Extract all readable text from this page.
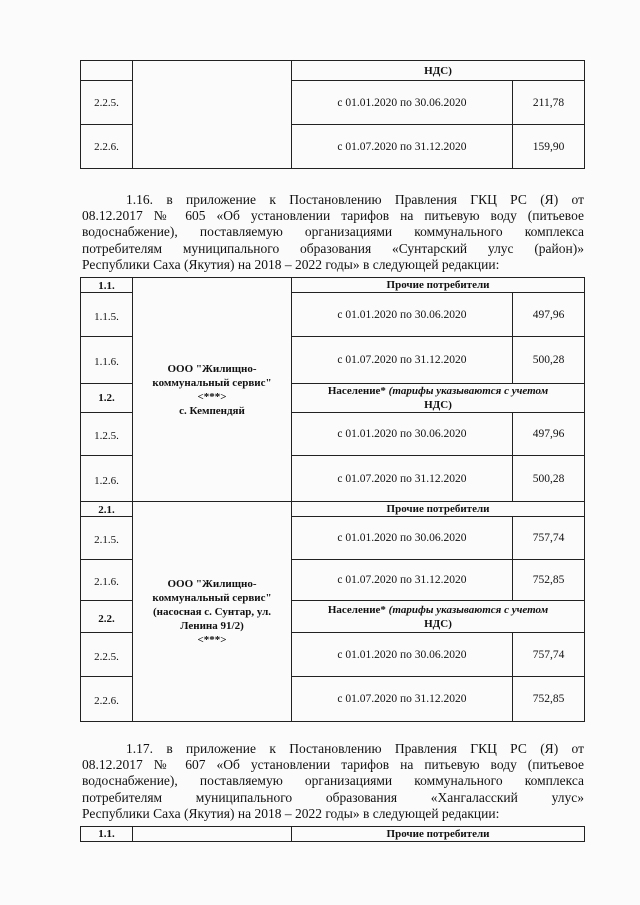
		НДС)	
2.2.5.		с 01.01.2020 по 30.06.2020	211,78
2.2.6.		с 01.07.2020 по 31.12.2020	159,90
1.16. в приложение к Постановлению Правления ГКЦ РС (Я) от
08.12.2017 № 605 «Об установлении тарифов на питьевую воду (питьевое
водоснабжение), поставляемую организациями коммунального комплекса
потребителям муниципального образования «Сунтарский улус (район)»
Республики Саха (Якутия) на 2018 – 2022 годы» в следующей редакции:
1.1.	ООО "Жилищно-
коммунальный сервис"
<***>
с. Кемпендяй	Прочие потребители	
1.1.5.		с 01.01.2020 по 30.06.2020	497,96

1.1.6.		с 01.07.2020 по 31.12.2020	500,28
1.2.		Население* (тарифы указываются с учетом
НДС)	

1.2.5.		с 01.01.2020 по 30.06.2020	497,96
1.2.6.		с 01.07.2020 по 31.12.2020	500,28

2.1.	ООО "Жилищно-
коммунальный сервис"
(насосная с. Сунтар, ул.
Ленина 91/2)
<***>	Прочие потребители	
2.1.5.		с 01.01.2020 по 30.06.2020	757,74
2.1.6.		с 01.07.2020 по 31.12.2020	752,85
2.2.		Население* (тарифы указываются с учетом
НДС)	

2.2.5.		с 01.01.2020 по 30.06.2020	757,74
2.2.6.		с 01.07.2020 по 31.12.2020	752,85

1.17. в приложение к Постановлению Правления ГКЦ РС (Я) от
08.12.2017 № 607 «Об установлении тарифов на питьевую воду (питьевое
водоснабжение), поставляемую организациями коммунального комплекса
потребителям муниципального образования «Хангаласский улус»
Республики Саха (Якутия) на 2018 – 2022 годы» в следующей редакции:
1.1.		Прочие потребители
